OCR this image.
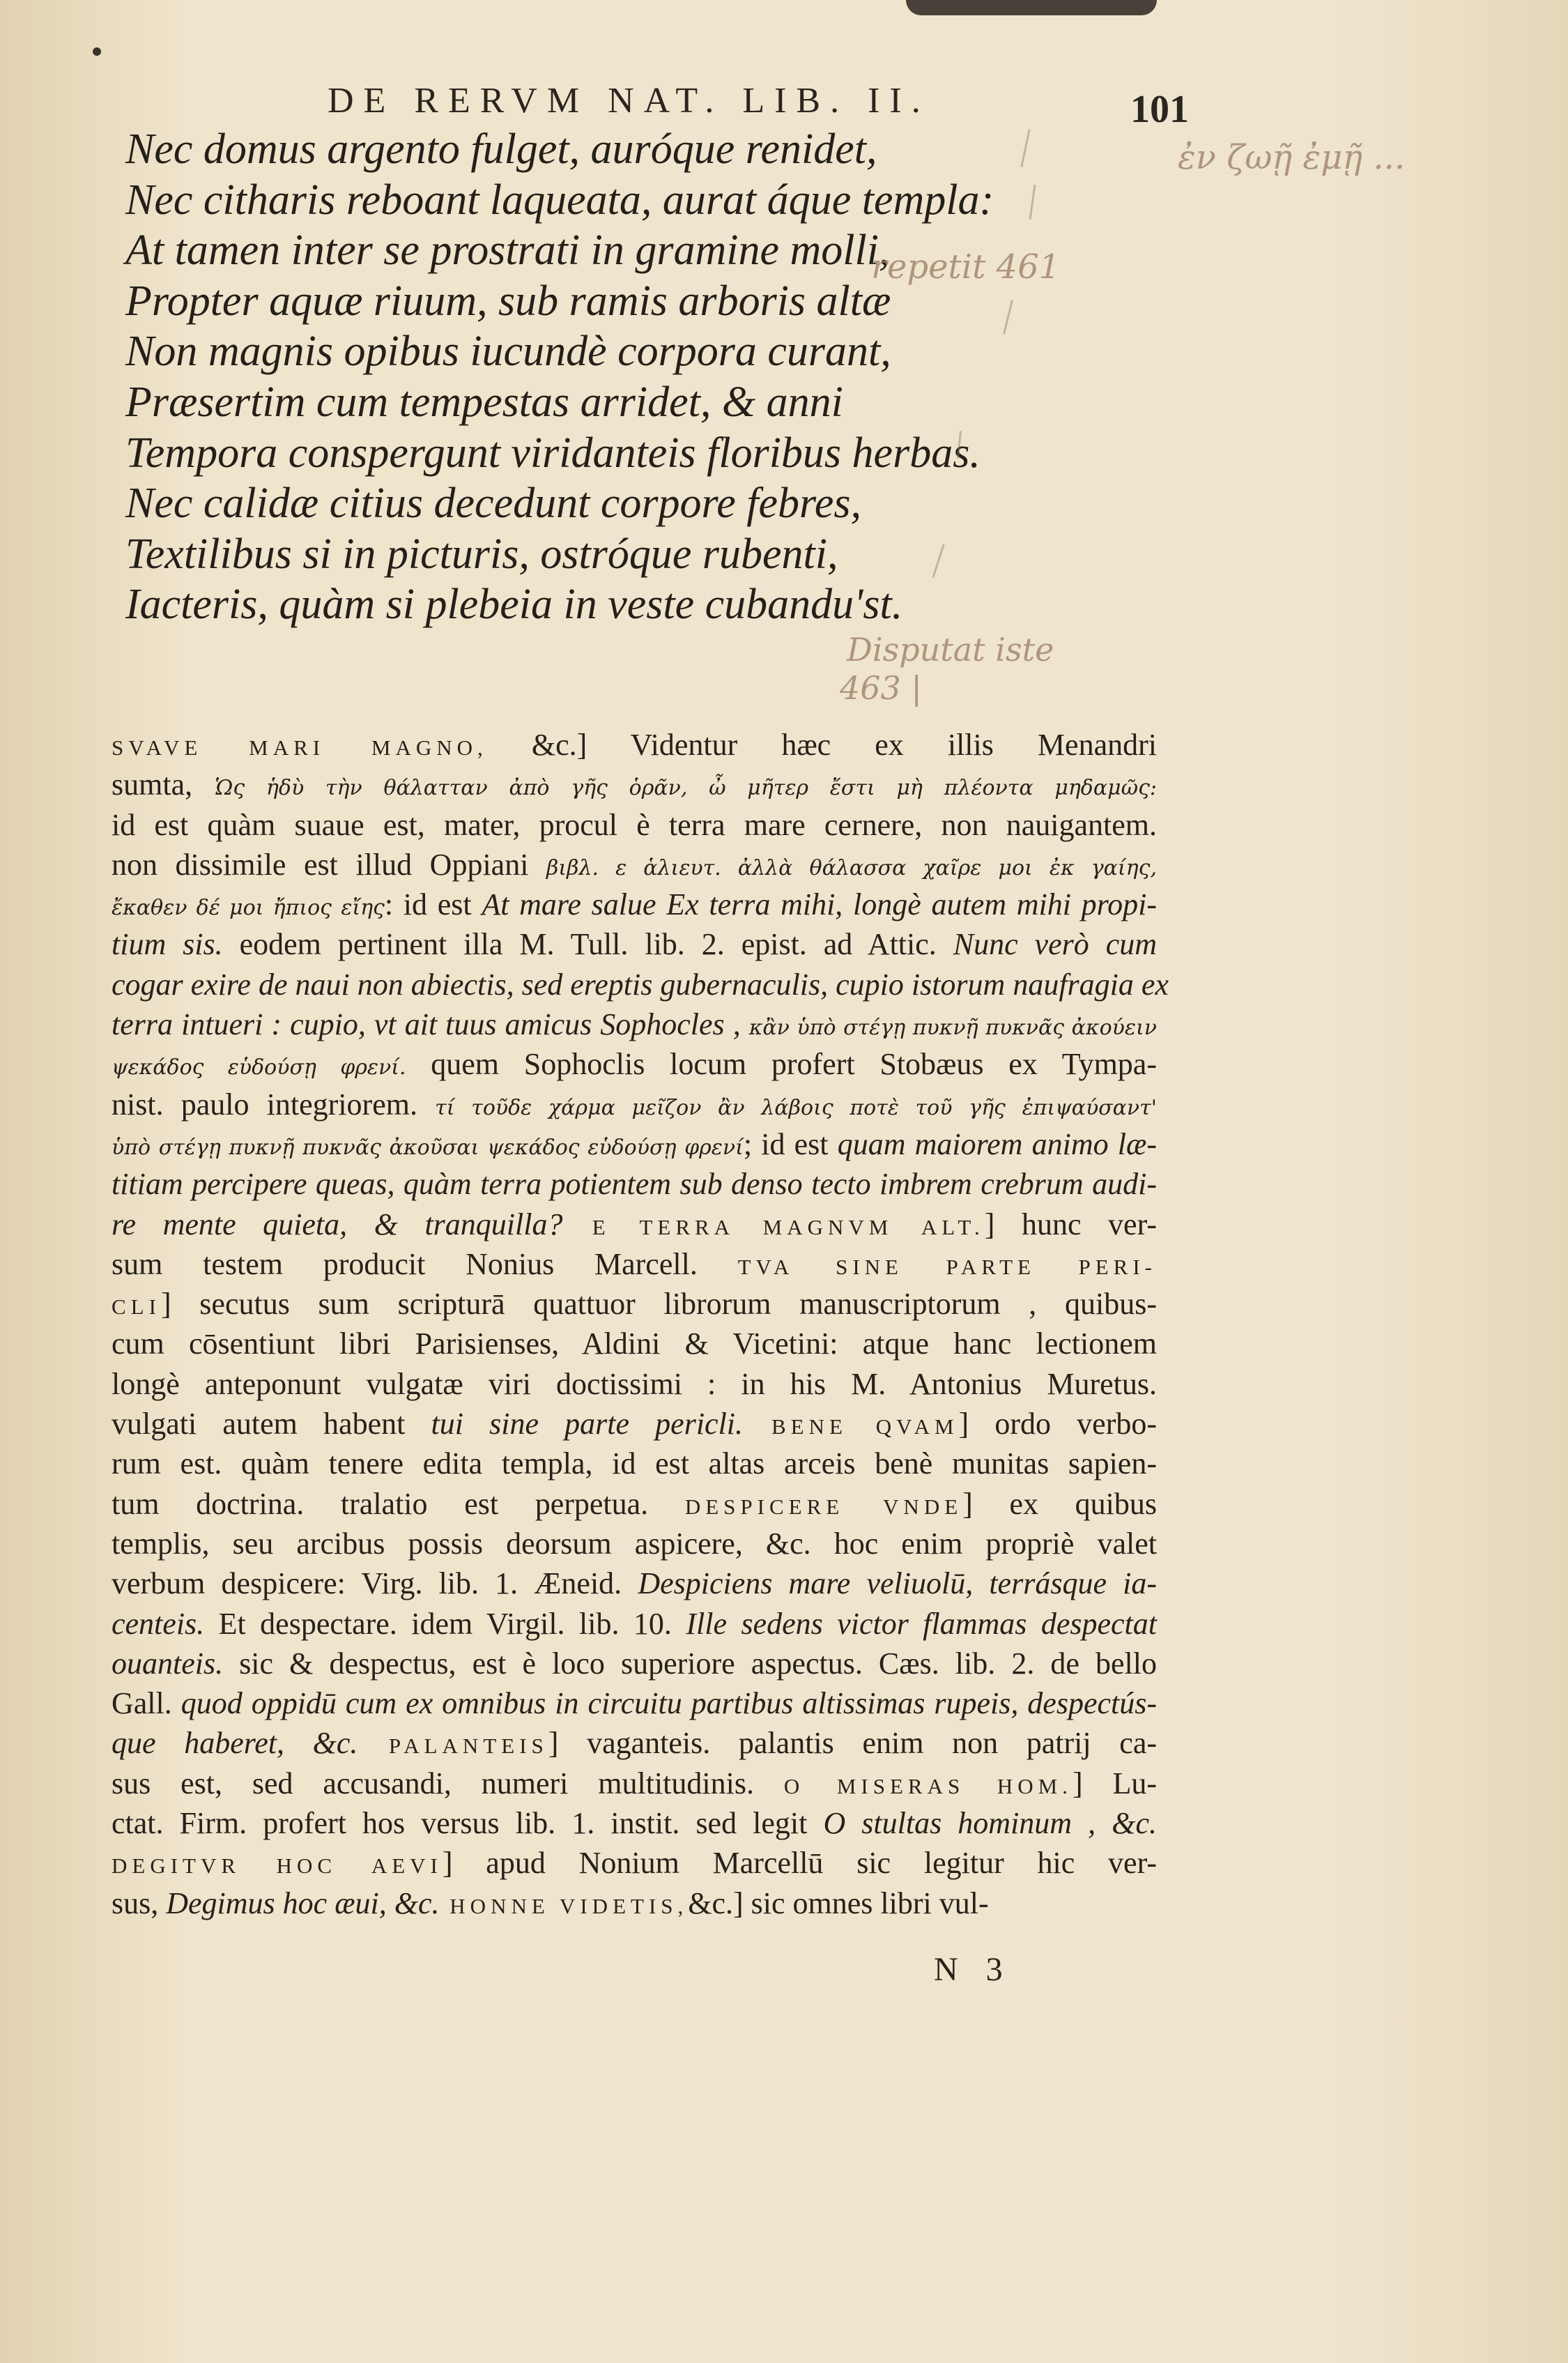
DE RERVM NAT. LIB. II.	101
Nec domus argento fulget, auróque renidet,
Nec citharis reboant laqueata, aurat áque templa:
At tamen inter se prostrati in gramine molli,
Propter aquæ riuum, sub ramis arboris altæ
Non magnis opibus iucundè corpora curant,
Præsertim cum tempestas arridet, & anni
Tempora conspergunt viridanteis floribus herbas.
Nec calidæ citius decedunt corpore febres,
Textilibus si in picturis, ostróque rubenti,
Iacteris, quàm si plebeia in veste cubandu'st.
ἐν ζωῇ ἐμῇ ...
repetit 461
Disputat iste
463 |
SVAVE MARI MAGNO, &c.] Videntur hæc ex illis Menandri
sumta, Ὡς ἡδὺ τὴν θάλατταν ἀπὸ γῆς ὁρᾶν, ὦ μῆτερ ἔστι μὴ πλέοντα μηδαμῶς:
id est quàm suaue est, mater, procul è terra mare cernere, non nauigantem.
non dissimile est illud Oppiani βιβλ. ε ἁλιευτ. ἀλλὰ θάλασσα χαῖρε μοι ἐκ γαίης,
ἔκαθεν δέ μοι ἤπιος εἴης: id est At mare salue Ex terra mihi, longè autem mihi propi-
tium sis. eodem pertinent illa M. Tull. lib. 2. epist. ad Attic. Nunc verò cum
cogar exire de naui non abiectis, sed ereptis gubernaculis, cupio istorum naufragia ex
terra intueri : cupio, vt ait tuus amicus Sophocles , κἂν ὑπὸ στέγῃ πυκνῇ πυκνᾶς ἀκούειν
ψεκάδος εὑδούσῃ φρενί. quem Sophoclis locum profert Stobæus ex Tympa-
nist. paulo integriorem. τί τοῦδε χάρμα μεῖζον ἂν λάβοις ποτὲ τοῦ γῆς ἐπιψαύσαντ'
ὑπὸ στέγῃ πυκνῇ πυκνᾶς ἀκοῦσαι ψεκάδος εὑδούσῃ φρενί; id est quam maiorem animo læ-
titiam percipere queas, quàm terra potientem sub denso tecto imbrem crebrum audi-
re mente quieta, & tranquilla? E TERRA MAGNVM ALT.] hunc ver-
sum testem producit Nonius Marcell. TVA SINE PARTE PERI-
CLI] secutus sum scripturā quattuor librorum manuscriptorum , quibus-
cum cōsentiunt libri Parisienses, Aldini & Vicetini: atque hanc lectionem
longè anteponunt vulgatæ viri doctissimi : in his M. Antonius Muretus.
vulgati autem habent tui sine parte pericli. BENE QVAM] ordo verbo-
rum est. quàm tenere edita templa, id est altas arceis benè munitas sapien-
tum doctrina. tralatio est perpetua. DESPICERE VNDE] ex quibus
templis, seu arcibus possis deorsum aspicere, &c. hoc enim propriè valet
verbum despicere: Virg. lib. 1. Æneid. Despiciens mare veliuolū, terrásque ia-
centeis. Et despectare. idem Virgil. lib. 10. Ille sedens victor flammas despectat
ouanteis. sic & despectus, est è loco superiore aspectus. Cæs. lib. 2. de bello
Gall. quod oppidū cum ex omnibus in circuitu partibus altissimas rupeis, despectús-
que haberet, &c. PALANTEIS] vaganteis. palantis enim non patrij ca-
sus est, sed accusandi, numeri multitudinis. O MISERAS HOM.] Lu-
ctat. Firm. profert hos versus lib. 1. instit. sed legit O stultas hominum , &c.
DEGITVR HOC AEVI] apud Nonium Marcellū sic legitur hic ver-
sus, Degimus hoc æui, &c. HONNE VIDETIS,&c.] sic omnes libri vul-
N 3
